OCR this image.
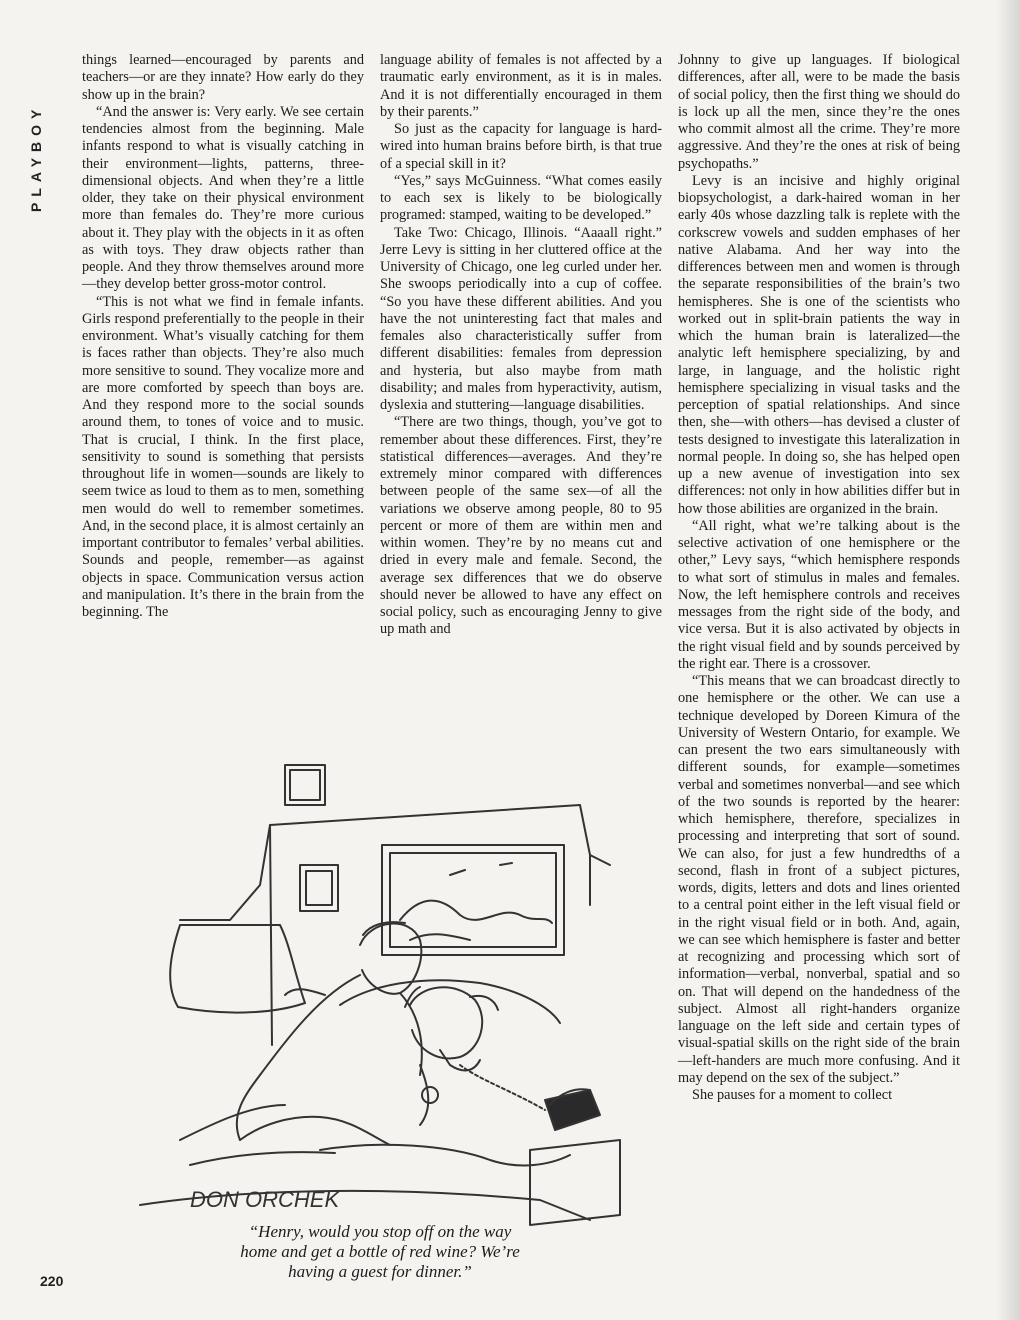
PLAYBOY

things learned—encouraged by parents and teachers—or are they innate? How early do they show up in the brain?

“And the answer is: Very early. We see certain tendencies almost from the beginning. Male infants respond to what is visually catching in their environment—lights, patterns, three-dimensional objects. And when they’re a little older, they take on their physical environment more than females do. They’re more curious about it. They play with the objects in it as often as with toys. They draw objects rather than people. And they throw themselves around more—they develop better gross-motor control.

“This is not what we find in female infants. Girls respond preferentially to the people in their environment. What’s visually catching for them is faces rather than objects. They’re also much more sensitive to sound. They vocalize more and are more comforted by speech than boys are. And they respond more to the social sounds around them, to tones of voice and to music. That is crucial, I think. In the first place, sensitivity to sound is something that persists throughout life in women—sounds are likely to seem twice as loud to them as to men, something men would do well to remember sometimes. And, in the second place, it is almost certainly an important contributor to females’ verbal abilities. Sounds and people, remember—as against objects in space. Communication versus action and manipulation. It’s there in the brain from the beginning. The

language ability of females is not affected by a traumatic early environment, as it is in males. And it is not differentially encouraged in them by their parents.”

So just as the capacity for language is hard-wired into human brains before birth, is that true of a special skill in it?

“Yes,” says McGuinness. “What comes easily to each sex is likely to be biologically programed: stamped, waiting to be developed.”

Take Two: Chicago, Illinois. “Aaaall right.” Jerre Levy is sitting in her cluttered office at the University of Chicago, one leg curled under her. She swoops periodically into a cup of coffee. “So you have these different abilities. And you have the not uninteresting fact that males and females also characteristically suffer from different disabilities: females from depression and hysteria, but also maybe from math disability; and males from hyperactivity, autism, dyslexia and stuttering—language disabilities.

“There are two things, though, you’ve got to remember about these differences. First, they’re statistical differences—averages. And they’re extremely minor compared with differences between people of the same sex—of all the variations we observe among people, 80 to 95 percent or more of them are within men and within women. They’re by no means cut and dried in every male and female. Second, the average sex differences that we do observe should never be allowed to have any effect on social policy, such as encouraging Jenny to give up math and

Johnny to give up languages. If biological differences, after all, were to be made the basis of social policy, then the first thing we should do is lock up all the men, since they’re the ones who commit almost all the crime. They’re more aggressive. And they’re the ones at risk of being psychopaths.”

Levy is an incisive and highly original biopsychologist, a dark-haired woman in her early 40s whose dazzling talk is replete with the corkscrew vowels and sudden emphases of her native Alabama. And her way into the differences between men and women is through the separate responsibilities of the brain’s two hemispheres. She is one of the scientists who worked out in split-brain patients the way in which the human brain is lateralized—the analytic left hemisphere specializing, by and large, in language, and the holistic right hemisphere specializing in visual tasks and the perception of spatial relationships. And since then, she—with others—has devised a cluster of tests designed to investigate this lateralization in normal people. In doing so, she has helped open up a new avenue of investigation into sex differences: not only in how abilities differ but in how those abilities are organized in the brain.

“All right, what we’re talking about is the selective activation of one hemisphere or the other,” Levy says, “which hemisphere responds to what sort of stimulus in males and females. Now, the left hemisphere controls and receives messages from the right side of the body, and vice versa. But it is also activated by objects in the right visual field and by sounds perceived by the right ear. There is a crossover.

“This means that we can broadcast directly to one hemisphere or the other. We can use a technique developed by Doreen Kimura of the University of Western Ontario, for example. We can present the two ears simultaneously with different sounds, for example—sometimes verbal and sometimes nonverbal—and see which of the two sounds is reported by the hearer: which hemisphere, therefore, specializes in processing and interpreting that sort of sound. We can also, for just a few hundredths of a second, flash in front of a subject pictures, words, digits, letters and dots and lines oriented to a central point either in the left visual field or in the right visual field or in both. And, again, we can see which hemisphere is faster and better at recognizing and processing which sort of information—verbal, nonverbal, spatial and so on. That will depend on the handedness of the subject. Almost all right-handers organize language on the left side and certain types of visual-spatial skills on the right side of the brain—left-handers are much more confusing. And it may depend on the sex of the subject.”

She pauses for a moment to collect

DON ORCHEK
“Henry, would you stop off on the way
home and get a bottle of red wine? We’re
having a guest for dinner.”
220
